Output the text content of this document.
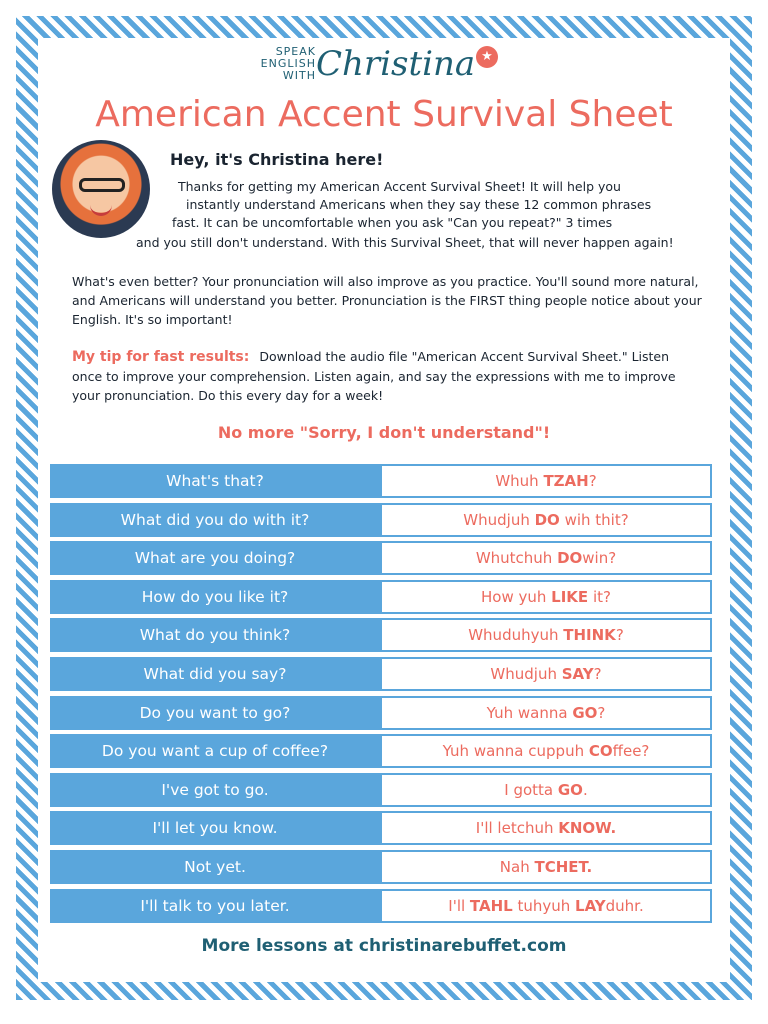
SPEAK
ENGLISH
WITH Christina ★
American Accent Survival Sheet
Hey, it's Christina here!
Thanks for getting my American Accent Survival Sheet! It will help you
instantly understand Americans when they say these 12 common phrases
fast. It can be uncomfortable when you ask "Can you repeat?" 3 times
and you still don't understand. With this Survival Sheet, that will never happen again!
What's even better? Your pronunciation will also improve as you practice. You'll sound more natural, and Americans will understand you better. Pronunciation is the FIRST thing people notice about your English. It's so important!
My tip for fast results: Download the audio file "American Accent Survival Sheet." Listen once to improve your comprehension. Listen again, and say the expressions with me to improve your pronunciation. Do this every day for a week!
No more "Sorry, I don't understand"!
What's that?	Whuh TZAH ?
What did you do with it?	Whudjuh DO wih thit?
What are you doing?	Whutchuh DO win?
How do you like it?	How yuh LIKE it?
What do you think?	Whuduhyuh THINK ?
What did you say?	Whudjuh SAY ?
Do you want to go?	Yuh wanna GO ?
Do you want a cup of coffee?	Yuh wanna cuppuh CO ffee?
I've got to go.	I gotta GO .
I'll let you know.	I'll letchuh KNOW.
Not yet.	Nah TCHET.
I'll talk to you later.	I'll TAHL tuhyuh LAY duhr.
More lessons at christinarebuffet.com
